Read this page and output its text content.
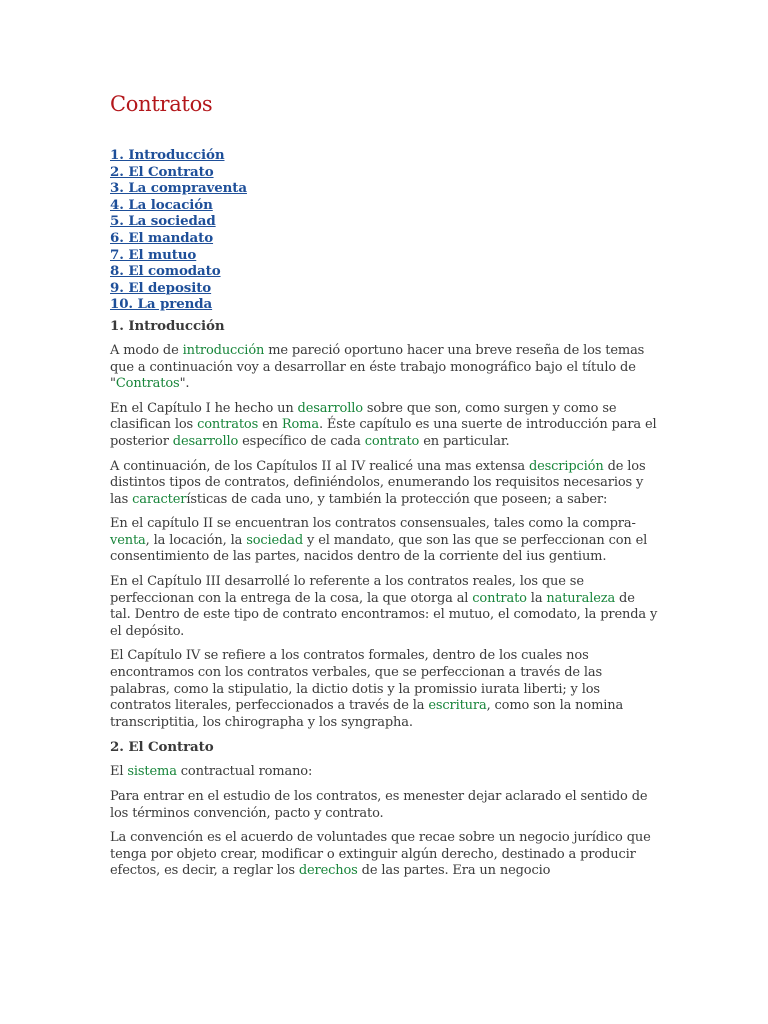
Contratos
1. Introducción
2. El Contrato
3. La compraventa
4. La locación
5. La sociedad
6. El mandato
7. El mutuo
8. El comodato
9. El deposito
10. La prenda
1. Introducción

A modo de introducción me pareció oportuno hacer una breve reseña de los temas que a continuación voy a desarrollar en éste trabajo monográfico bajo el título de "Contratos".

En el Capítulo I he hecho un desarrollo sobre que son, como surgen y como se clasifican los contratos en Roma. Éste capítulo es una suerte de introducción para el posterior desarrollo específico de cada contrato en particular.

A continuación, de los Capítulos II al IV realicé una mas extensa descripción de los distintos tipos de contratos, definiéndolos, enumerando los requisitos necesarios y las características de cada uno, y también la protección que poseen; a saber:

En el capítulo II se encuentran los contratos consensuales, tales como la compra-venta, la locación, la sociedad y el mandato, que son las que se perfeccionan con el consentimiento de las partes, nacidos dentro de la corriente del ius gentium.

En el Capítulo III desarrollé lo referente a los contratos reales, los que se perfeccionan con la entrega de la cosa, la que otorga al contrato la naturaleza de tal. Dentro de este tipo de contrato encontramos: el mutuo, el comodato, la prenda y el depósito.

El Capítulo IV se refiere a los contratos formales, dentro de los cuales nos encontramos con los contratos verbales, que se perfeccionan a través de las palabras, como la stipulatio, la dictio dotis y la promissio iurata liberti; y los contratos literales, perfeccionados a través de la escritura, como son la nomina transcriptitia, los chirographa y los syngrapha.

2. El Contrato

El sistema contractual romano:

Para entrar en el estudio de los contratos, es menester dejar aclarado el sentido de los términos convención, pacto y contrato.

La convención es el acuerdo de voluntades que recae sobre un negocio jurídico que tenga por objeto crear, modificar o extinguir algún derecho, destinado a producir efectos, es decir, a reglar los derechos de las partes. Era un negocio
